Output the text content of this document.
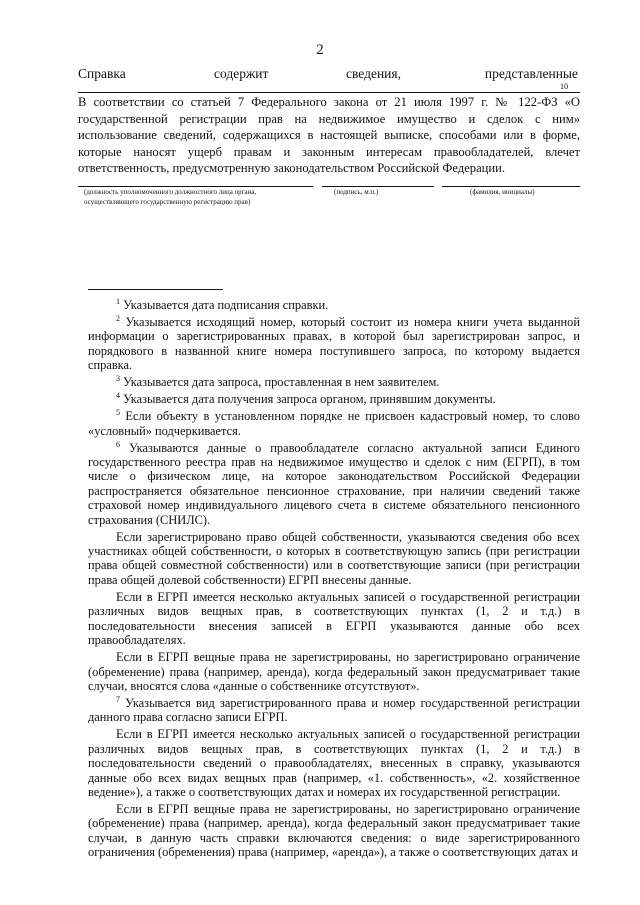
2
Справка	содержит	сведения,	представленные
10

В соответствии со статьей 7 Федерального закона от 21 июля 1997 г. № 122-ФЗ «О государственной регистрации прав на недвижимое имущество и сделок с ним» использование сведений, содержащихся в настоящей выписке, способами или в форме, которые наносят ущерб правам и законным интересам правообладателей, влечет ответственность, предусмотренную законодательством Российской Федерации.

(должность уполномоченного должностного лица органа,
осуществляющего государственную регистрацию прав)
(подпись, м.п.)	(фамилия, инициалы)

$^1$ Указывается дата подписания справки.

$^2$ Указывается исходящий номер, который состоит из номера книги учета выданной информации о зарегистрированных правах, в которой был зарегистрирован запрос, и порядкового в названной книге номера поступившего запроса, по которому выдается справка.

$^3$ Указывается дата запроса, проставленная в нем заявителем.

$^4$ Указывается дата получения запроса органом, принявшим документы.

$^5$ Если объекту в установленном порядке не присвоен кадастровый номер, то слово «условный» подчеркивается.

$^6$ Указываются данные о правообладателе согласно актуальной записи Единого государственного реестра прав на недвижимое имущество и сделок с ним (ЕГРП), в том числе о физическом лице, на которое законодательством Российской Федерации распространяется обязательное пенсионное страхование, при наличии сведений также страховой номер индивидуального лицевого счета в системе обязательного пенсионного страхования (СНИЛС).

Если зарегистрировано право общей собственности, указываются сведения обо всех участниках общей собственности, о которых в соответствующую запись (при регистрации права общей совместной собственности) или в соответствующие записи (при регистрации права общей долевой собственности) ЕГРП внесены данные.

Если в ЕГРП имеется несколько актуальных записей о государственной регистрации различных видов вещных прав, в соответствующих пунктах (1, 2 и т.д.) в последовательности внесения записей в ЕГРП указываются данные обо всех правообладателях.

Если в ЕГРП вещные права не зарегистрированы, но зарегистрировано ограничение (обременение) права (например, аренда), когда федеральный закон предусматривает такие случаи, вносятся слова «данные о собственнике отсутствуют».

$^7$ Указывается вид зарегистрированного права и номер государственной регистрации данного права согласно записи ЕГРП.

Если в ЕГРП имеется несколько актуальных записей о государственной регистрации различных видов вещных прав, в соответствующих пунктах (1, 2 и т.д.) в последовательности сведений о правообладателях, внесенных в справку, указываются данные обо всех видах вещных прав (например, «1. собственность», «2. хозяйственное ведение»), а также о соответствующих датах и номерах их государственной регистрации.

Если в ЕГРП вещные права не зарегистрированы, но зарегистрировано ограничение (обременение) права (например, аренда), когда федеральный закон предусматривает такие случаи, в данную часть справки включаются сведения: о виде зарегистрированного ограничения (обременения) права (например, «аренда»), а также о соответствующих датах и
